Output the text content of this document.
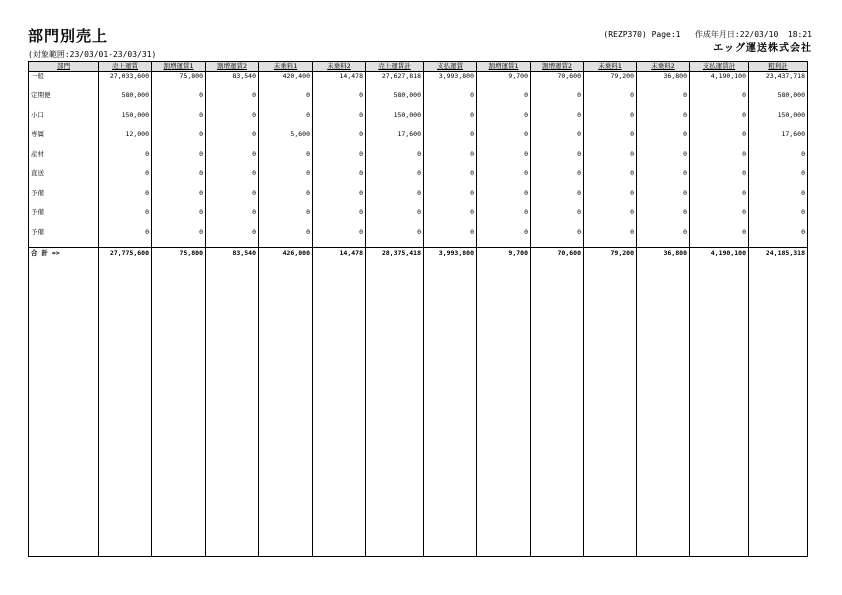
部門別売上
(対象範囲:23/03/01-23/03/31)
(REZP370) Page:1   作成年月日:22/03/10  18:21
エッグ運送株式会社
部門	売上運賃	割増運賃1	割増運賃2	未乗料1	未乗料2	売上運賃計	支払運賃	割増運賃1	割増運賃2	未乗料1	未乗料2	支払運賃計	粗利計
一般	27,033,600	75,800	83,540	420,400	14,478	27,627,818	3,993,800	9,700	70,600	79,200	36,800	4,190,100	23,437,718
定期便	580,000	0	0	0	0	580,000	0	0	0	0	0	0	580,000
小口	150,000	0	0	0	0	150,000	0	0	0	0	0	0	150,000
専属	12,000	0	0	5,600	0	17,600	0	0	0	0	0	0	17,600
産材	0	0	0	0	0	0	0	0	0	0	0	0	0
直送	0	0	0	0	0	0	0	0	0	0	0	0	0
予備	0	0	0	0	0	0	0	0	0	0	0	0	0
予備	0	0	0	0	0	0	0	0	0	0	0	0	0
予備	0	0	0	0	0	0	0	0	0	0	0	0	0
合 計 =>	27,775,600	75,800	83,540	426,000	14,478	28,375,418	3,993,800	9,700	70,600	79,200	36,800	4,190,100	24,185,318
